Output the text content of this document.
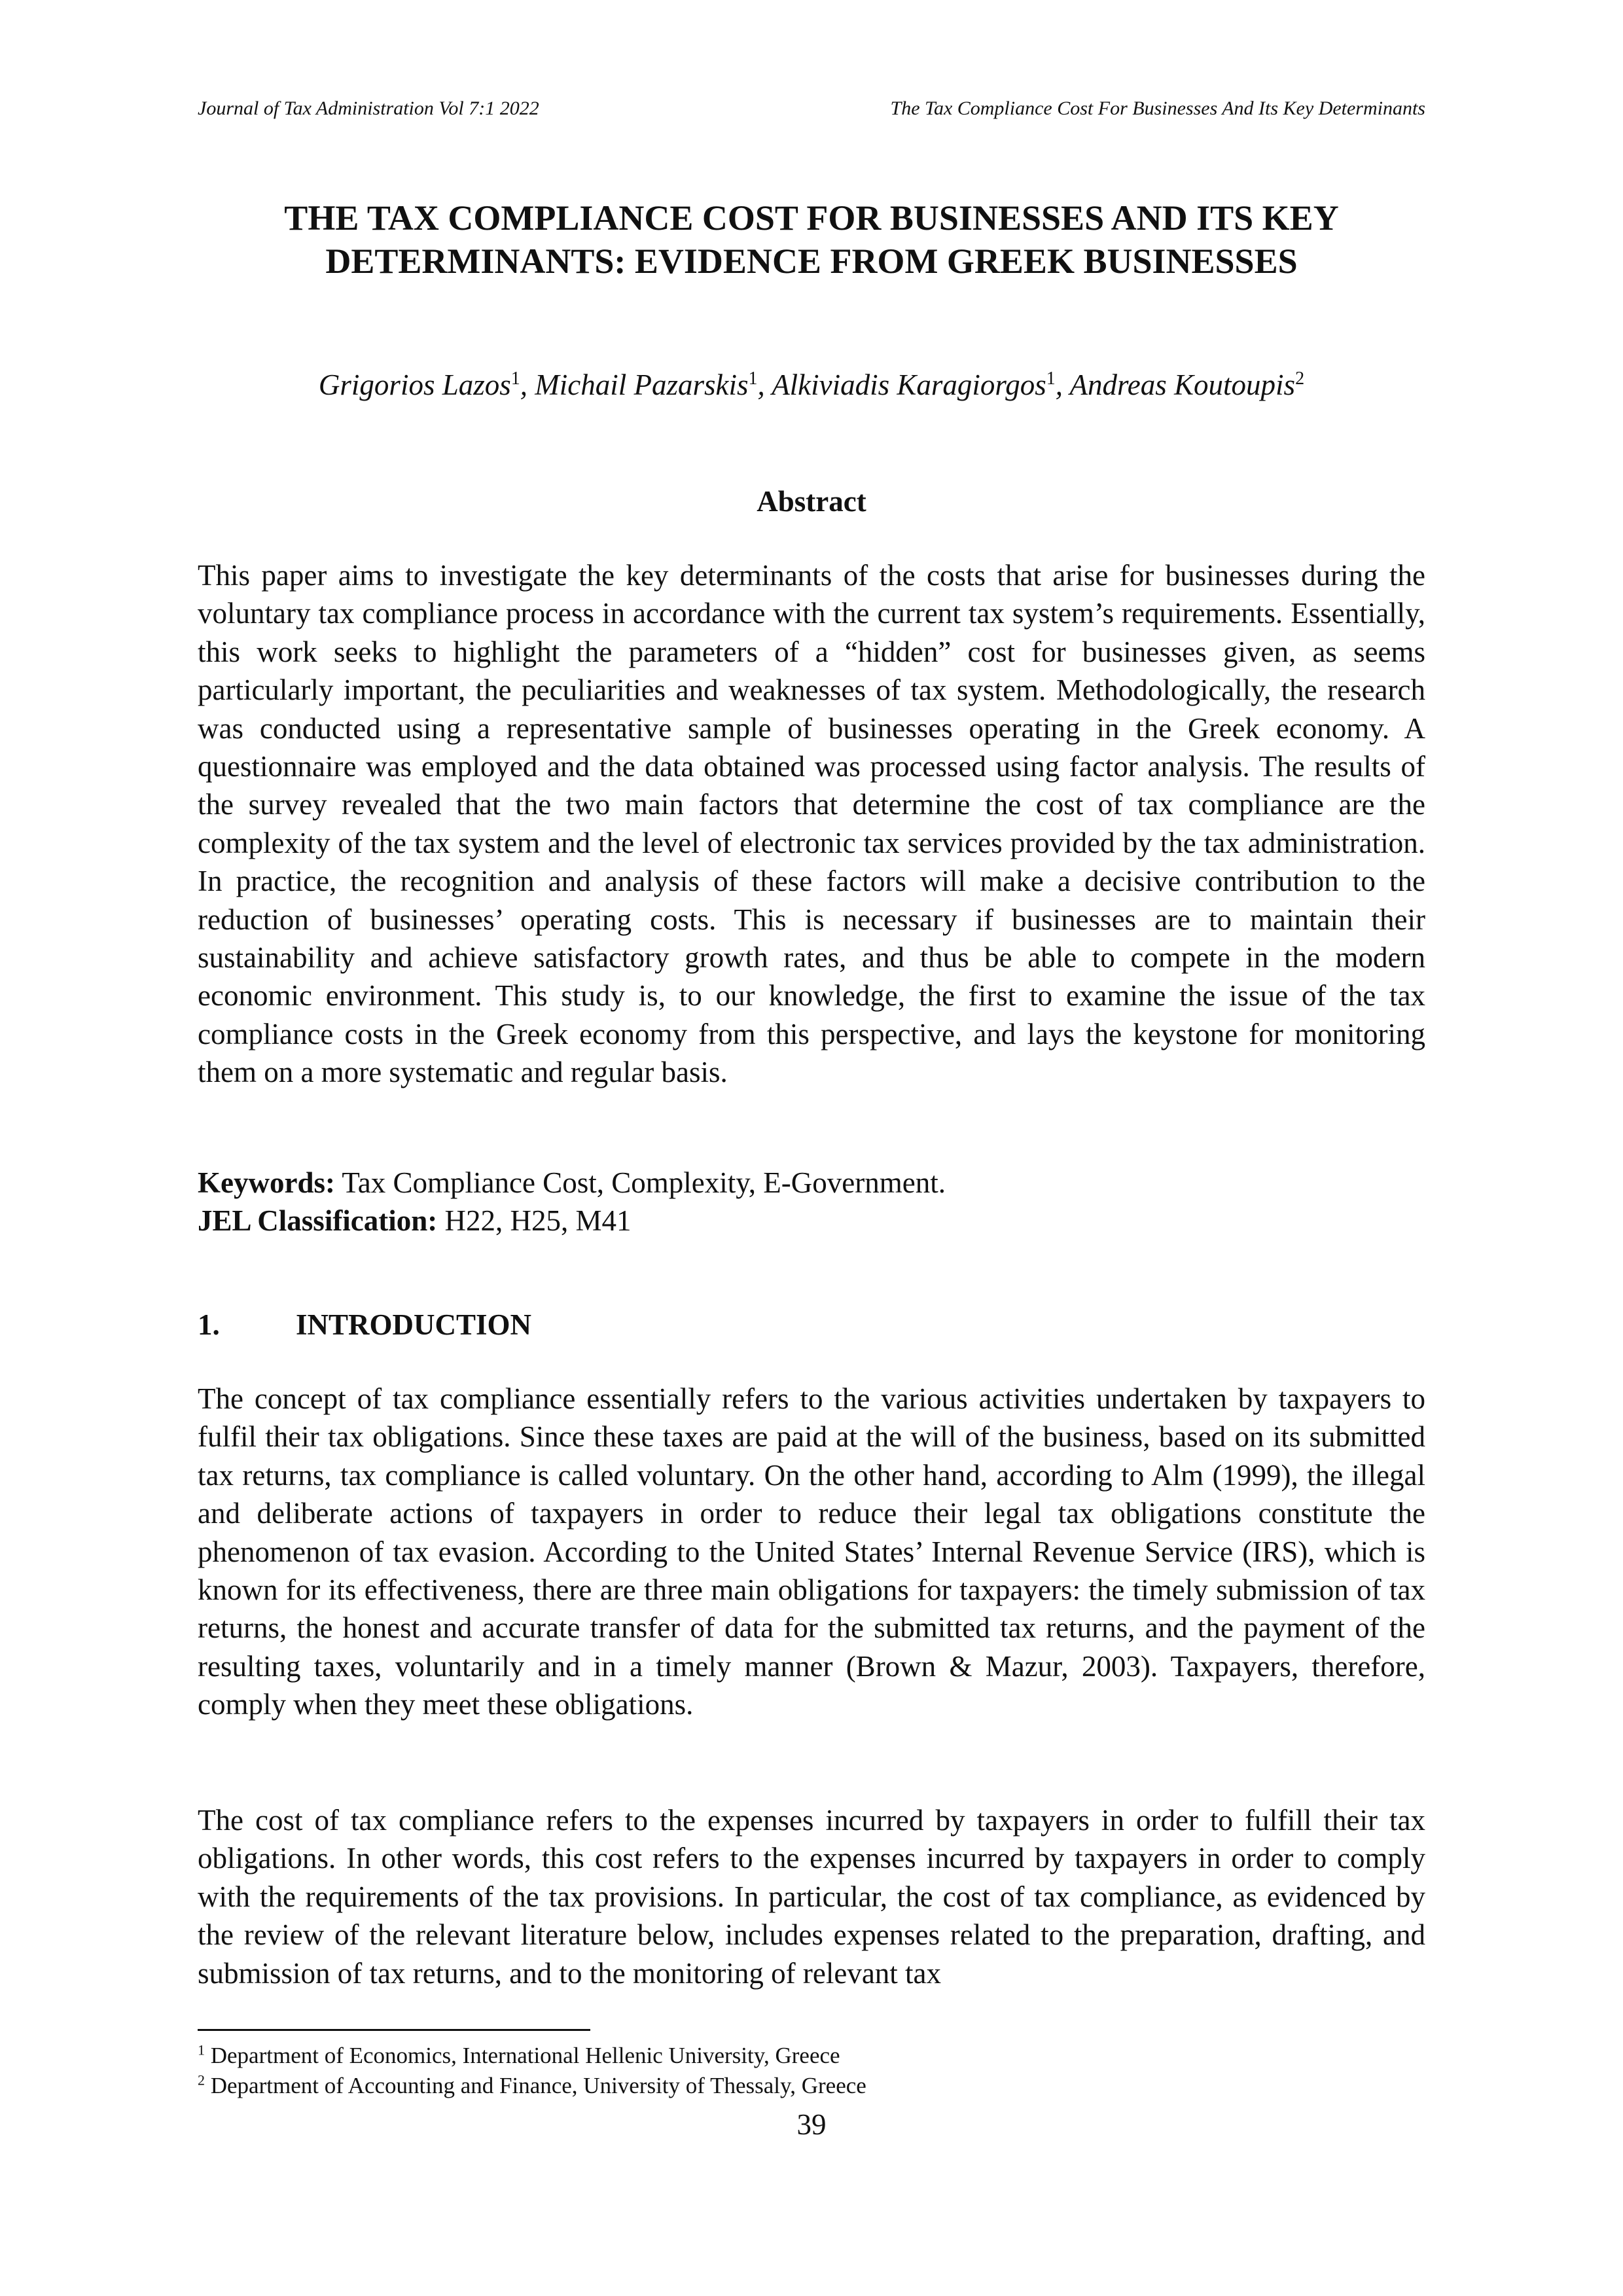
Journal of Tax Administration Vol 7:1 2022	The Tax Compliance Cost For Businesses And Its Key Determinants
THE TAX COMPLIANCE COST FOR BUSINESSES AND ITS KEY
DETERMINANTS: EVIDENCE FROM GREEK BUSINESSES
Grigorios Lazos$^1$, Michail Pazarskis$^1$, Alkiviadis Karagiorgos$^1$, Andreas Koutoupis$^2$
Abstract

This paper aims to investigate the key determinants of the costs that arise for businesses during the voluntary tax compliance process in accordance with the current tax system’s requirements. Essentially, this work seeks to highlight the parameters of a “hidden” cost for businesses given, as seems particularly important, the peculiarities and weaknesses of tax system. Methodologically, the research was conducted using a representative sample of businesses operating in the Greek economy. A questionnaire was employed and the data obtained was processed using factor analysis. The results of the survey revealed that the two main factors that determine the cost of tax compliance are the complexity of the tax system and the level of electronic tax services provided by the tax administration. In practice, the recognition and analysis of these factors will make a decisive contribution to the reduction of businesses’ operating costs. This is necessary if businesses are to maintain their sustainability and achieve satisfactory growth rates, and thus be able to compete in the modern economic environment. This study is, to our knowledge, the first to examine the issue of the tax compliance costs in the Greek economy from this perspective, and lays the keystone for monitoring them on a more systematic and regular basis.

Keywords: Tax Compliance Cost, Complexity, E-Government.

JEL Classification: H22, H25, M41

1.	INTRODUCTION

The concept of tax compliance essentially refers to the various activities undertaken by taxpayers to fulfil their tax obligations. Since these taxes are paid at the will of the business, based on its submitted tax returns, tax compliance is called voluntary. On the other hand, according to Alm (1999), the illegal and deliberate actions of taxpayers in order to reduce their legal tax obligations constitute the phenomenon of tax evasion. According to the United States’ Internal Revenue Service (IRS), which is known for its effectiveness, there are three main obligations for taxpayers: the timely submission of tax returns, the honest and accurate transfer of data for the submitted tax returns, and the payment of the resulting taxes, voluntarily and in a timely manner (Brown & Mazur, 2003). Taxpayers, therefore, comply when they meet these obligations.

The cost of tax compliance refers to the expenses incurred by taxpayers in order to fulfill their tax obligations. In other words, this cost refers to the expenses incurred by taxpayers in order to comply with the requirements of the tax provisions. In particular, the cost of tax compliance, as evidenced by the review of the relevant literature below, includes expenses related to the preparation, drafting, and submission of tax returns, and to the monitoring of relevant tax

$^1$ Department of Economics, International Hellenic University, Greece
$^2$ Department of Accounting and Finance, University of Thessaly, Greece
39
